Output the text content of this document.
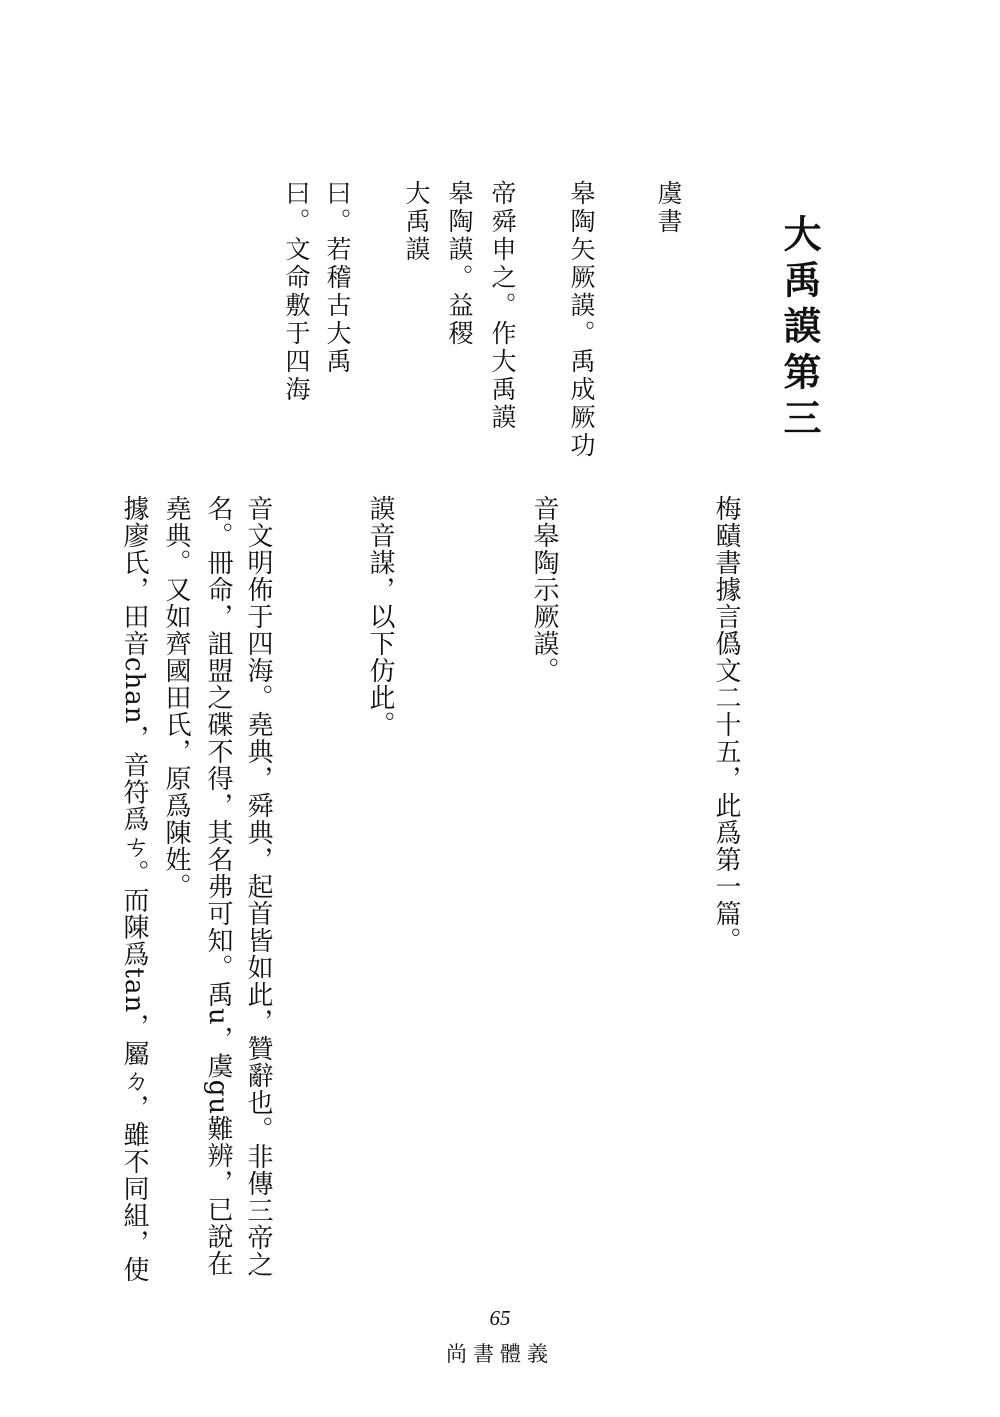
大禹謨第三
虞書
皋陶矢厥謨。禹成厥功
帝舜申之。作大禹謨
皋陶謨。益稷
大禹謨
曰。若稽古大禹
曰。文命敷于四海
梅賾書據言僞文二十五，此爲第一篇。
音皋陶示厥謨。
謨音謀，以下仿此。
音文明佈于四海。堯典，舜典，起首皆如此，贊辭也。非傳三帝之
名。冊命，詛盟之碟不得，其名弗可知。禹u，虞gu難辨，已說在
堯典。又如齊國田氏，原爲陳姓。
據廖氏，田音chan，音符爲ㄘ。而陳爲tan，屬ㄉ，雖不同組，使
65
尚書體義
